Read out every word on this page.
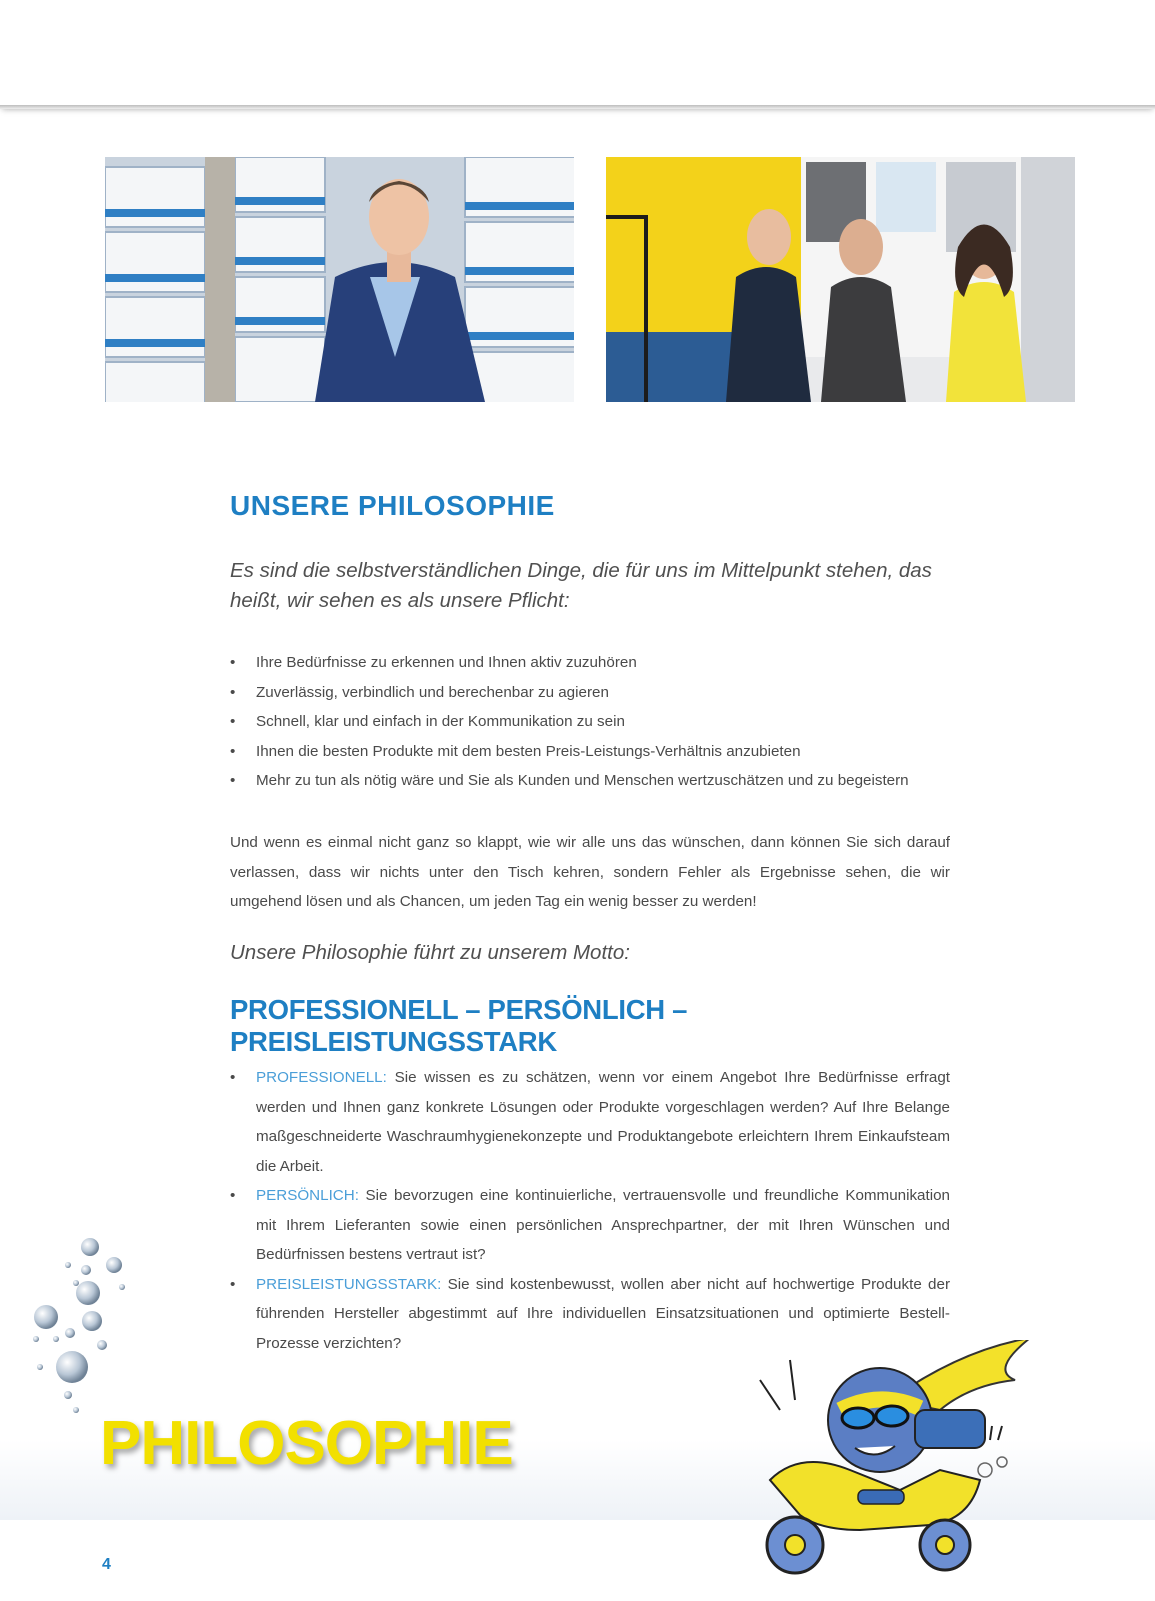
UNSERE PHILOSOPHIE

Es sind die selbstverständlichen Dinge, die für uns im Mittelpunkt stehen, das heißt, wir sehen es als unsere Pflicht:

• Ihre Bedürfnisse zu erkennen und Ihnen aktiv zuzuhören
• Zuverlässig, verbindlich und berechenbar zu agieren
• Schnell, klar und einfach in der Kommunikation zu sein
• Ihnen die besten Produkte mit dem besten Preis-Leistungs-Verhältnis anzubieten
• Mehr zu tun als nötig wäre und Sie als Kunden und Menschen wertzuschätzen und zu begeistern

Und wenn es einmal nicht ganz so klappt, wie wir alle uns das wünschen, dann können Sie sich darauf verlassen, dass wir nichts unter den Tisch kehren, sondern Fehler als Ergebnisse sehen, die wir umgehend lösen und als Chancen, um jeden Tag ein wenig besser zu werden!

Unsere Philosophie führt zu unserem Motto:

PROFESSIONELL – PERSÖNLICH – PREISLEISTUNGSSTARK
• PROFESSIONELL: Sie wissen es zu schätzen, wenn vor einem Angebot Ihre Bedürfnisse erfragt werden und Ihnen ganz konkrete Lösungen oder Produkte vorgeschlagen werden? Auf Ihre Belange maßgeschneiderte Waschraumhygienekonzepte und Produktangebote erleichtern Ihrem Einkaufsteam die Arbeit.
• PERSÖNLICH: Sie bevorzugen eine kontinuierliche, vertrauensvolle und freundliche Kommunikation mit Ihrem Lieferanten sowie einen persönlichen Ansprechpartner, der mit Ihren Wünschen und Bedürfnissen bestens vertraut ist?
• PREISLEISTUNGSSTARK: Sie sind kostenbewusst, wollen aber nicht auf hochwertige Produkte der führenden Hersteller abgestimmt auf Ihre individuellen Einsatzsituationen und optimierte Bestell-Prozesse verzichten?
PHILOSOPHIE
4
